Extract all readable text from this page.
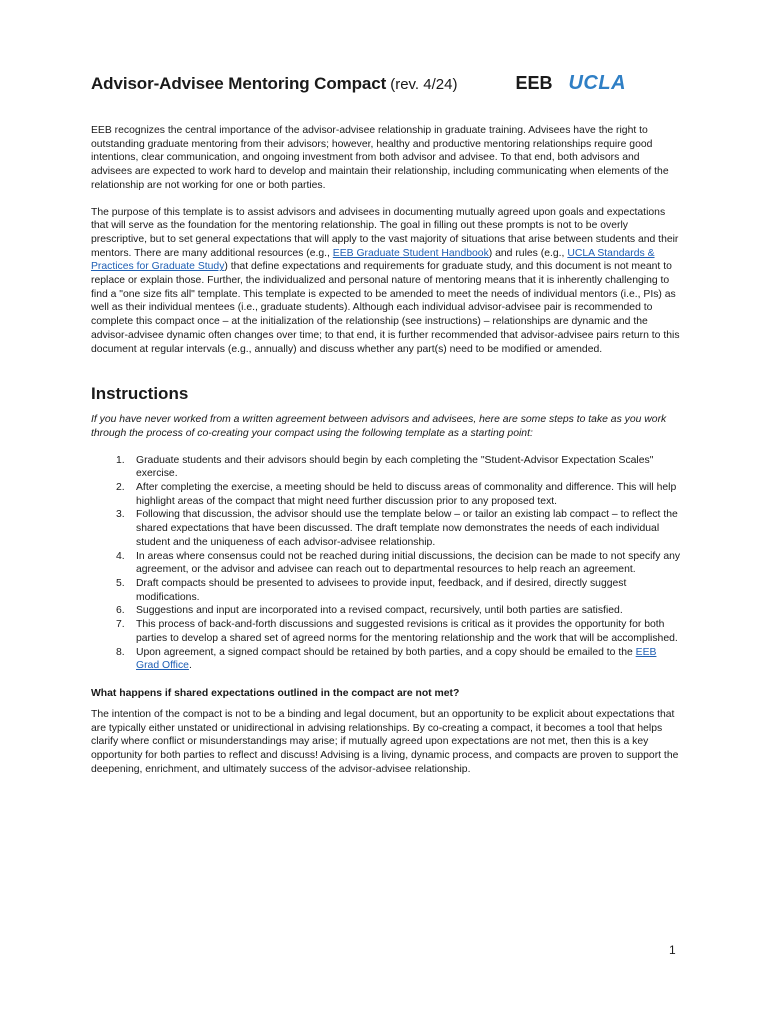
Advisor-Advisee Mentoring Compact (rev. 4/24)	EEB UCLA

EEB recognizes the central importance of the advisor-advisee relationship in graduate training. Advisees have the right to outstanding graduate mentoring from their advisors; however, healthy and productive mentoring relationships require good intentions, clear communication, and ongoing investment from both advisor and advisee. To that end, both advisors and advisees are expected to work hard to develop and maintain their relationship, including communicating when elements of the relationship are not working for one or both parties.

The purpose of this template is to assist advisors and advisees in documenting mutually agreed upon goals and expectations that will serve as the foundation for the mentoring relationship. The goal in filling out these prompts is not to be overly prescriptive, but to set general expectations that will apply to the vast majority of situations that arise between students and their mentors. There are many additional resources (e.g., EEB Graduate Student Handbook) and rules (e.g., UCLA Standards & Practices for Graduate Study) that define expectations and requirements for graduate study, and this document is not meant to replace or explain those. Further, the individualized and personal nature of mentoring means that it is inherently challenging to find a "one size fits all" template. This template is expected to be amended to meet the needs of individual mentors (i.e., PIs) as well as their individual mentees (i.e., graduate students). Although each individual advisor-advisee pair is recommended to complete this compact once – at the initialization of the relationship (see instructions) – relationships are dynamic and the advisor-advisee dynamic often changes over time; to that end, it is further recommended that advisor-advisee pairs return to this document at regular intervals (e.g., annually) and discuss whether any part(s) need to be modified or amended.

Instructions

If you have never worked from a written agreement between advisors and advisees, here are some steps to take as you work through the process of co-creating your compact using the following template as a starting point:

1.	Graduate students and their advisors should begin by each completing the "Student-Advisor Expectation Scales" exercise.
2.	After completing the exercise, a meeting should be held to discuss areas of commonality and difference. This will help highlight areas of the compact that might need further discussion prior to any proposed text.
3.	Following that discussion, the advisor should use the template below – or tailor an existing lab compact – to reflect the shared expectations that have been discussed. The draft template now demonstrates the needs of each individual student and the uniqueness of each advisor-advisee relationship.
4.	In areas where consensus could not be reached during initial discussions, the decision can be made to not specify any agreement, or the advisor and advisee can reach out to departmental resources to help reach an agreement.
5.	Draft compacts should be presented to advisees to provide input, feedback, and if desired, directly suggest modifications.
6.	Suggestions and input are incorporated into a revised compact, recursively, until both parties are satisfied.
7.	This process of back-and-forth discussions and suggested revisions is critical as it provides the opportunity for both parties to develop a shared set of agreed norms for the mentoring relationship and the work that will be accomplished.
8.	Upon agreement, a signed compact should be retained by both parties, and a copy should be emailed to the EEB Grad Office.
What happens if shared expectations outlined in the compact are not met?

The intention of the compact is not to be a binding and legal document, but an opportunity to be explicit about expectations that are typically either unstated or unidirectional in advising relationships. By co-creating a compact, it becomes a tool that helps clarify where conflict or misunderstandings may arise; if mutually agreed upon expectations are not met, then this is a key opportunity for both parties to reflect and discuss! Advising is a living, dynamic process, and compacts are proven to support the deepening, enrichment, and ultimately success of the advisor-advisee relationship.

1
